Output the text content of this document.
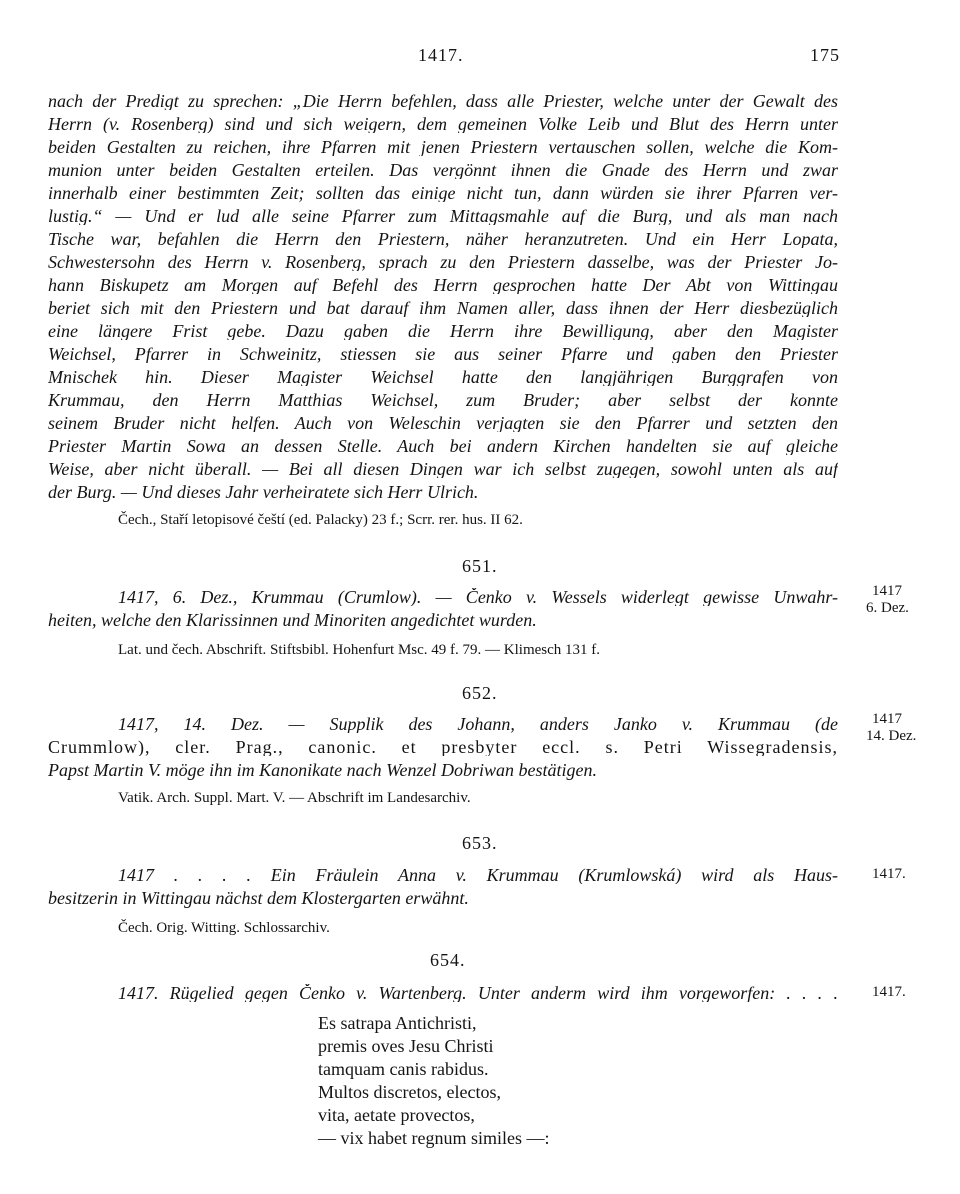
1417.	175
nach der Predigt zu sprechen: „Die Herrn befehlen, dass alle Priester, welche unter der Gewalt des
Herrn (v. Rosenberg) sind und sich weigern, dem gemeinen Volke Leib und Blut des Herrn unter
beiden Gestalten zu reichen, ihre Pfarren mit jenen Priestern vertauschen sollen, welche die Kom-
munion unter beiden Gestalten erteilen. Das vergönnt ihnen die Gnade des Herrn und zwar
innerhalb einer bestimmten Zeit; sollten das einige nicht tun, dann würden sie ihrer Pfarren ver-
lustig.“ — Und er lud alle seine Pfarrer zum Mittagsmahle auf die Burg, und als man nach
Tische war, befahlen die Herrn den Priestern, näher heranzutreten. Und ein Herr Lopata,
Schwestersohn des Herrn v. Rosenberg, sprach zu den Priestern dasselbe, was der Priester Jo-
hann Biskupetz am Morgen auf Befehl des Herrn gesprochen hatte Der Abt von Wittingau
beriet sich mit den Priestern und bat darauf ihm Namen aller, dass ihnen der Herr diesbezüglich
eine längere Frist gebe. Dazu gaben die Herrn ihre Bewilligung, aber den Magister
Weichsel, Pfarrer in Schweinitz, stiessen sie aus seiner Pfarre und gaben den Priester
Mnischek hin. Dieser Magister Weichsel hatte den langjährigen Burggrafen von
Krummau, den Herrn Matthias Weichsel, zum Bruder; aber selbst der konnte
seinem Bruder nicht helfen. Auch von Weleschin verjagten sie den Pfarrer und setzten den
Priester Martin Sowa an dessen Stelle. Auch bei andern Kirchen handelten sie auf gleiche
Weise, aber nicht überall. — Bei all diesen Dingen war ich selbst zugegen, sowohl unten als auf
der Burg. — Und dieses Jahr verheiratete sich Herr Ulrich.
Čech., Staří letopisové čeští (ed. Palacky) 23 f.; Scrr. rer. hus. II 62.
651.
1417, 6. Dez., Krummau (Crumlow). — Čenko v. Wessels widerlegt gewisse Unwahr-
heiten, welche den Klarissinnen und Minoriten angedichtet wurden.
1417
6. Dez.
Lat. und čech. Abschrift. Stiftsbibl. Hohenfurt Msc. 49 f. 79. — Klimesch 131 f.
652.
1417, 14. Dez. — Supplik des Johann, anders Janko v. Krummau (de
Crummlow), cler. Prag., canonic. et presbyter eccl. s. Petri Wissegradensis,
Papst Martin V. möge ihn im Kanonikate nach Wenzel Dobriwan bestätigen.
1417
14. Dez.
Vatik. Arch. Suppl. Mart. V. — Abschrift im Landesarchiv.
653.
1417 . . . . Ein Fräulein Anna v. Krummau (Krumlowská) wird als Haus-
besitzerin in Wittingau nächst dem Klostergarten erwähnt.
1417.
Čech. Orig. Witting. Schlossarchiv.
654.
1417. Rügelied gegen Čenko v. Wartenberg. Unter anderm wird ihm vorgeworfen: . . . . 1417.
Es satrapa Antichristi,
premis oves Jesu Christi
tamquam canis rabidus.
Multos discretos, electos,
vita, aetate provectos,
— vix habet regnum similes —:
